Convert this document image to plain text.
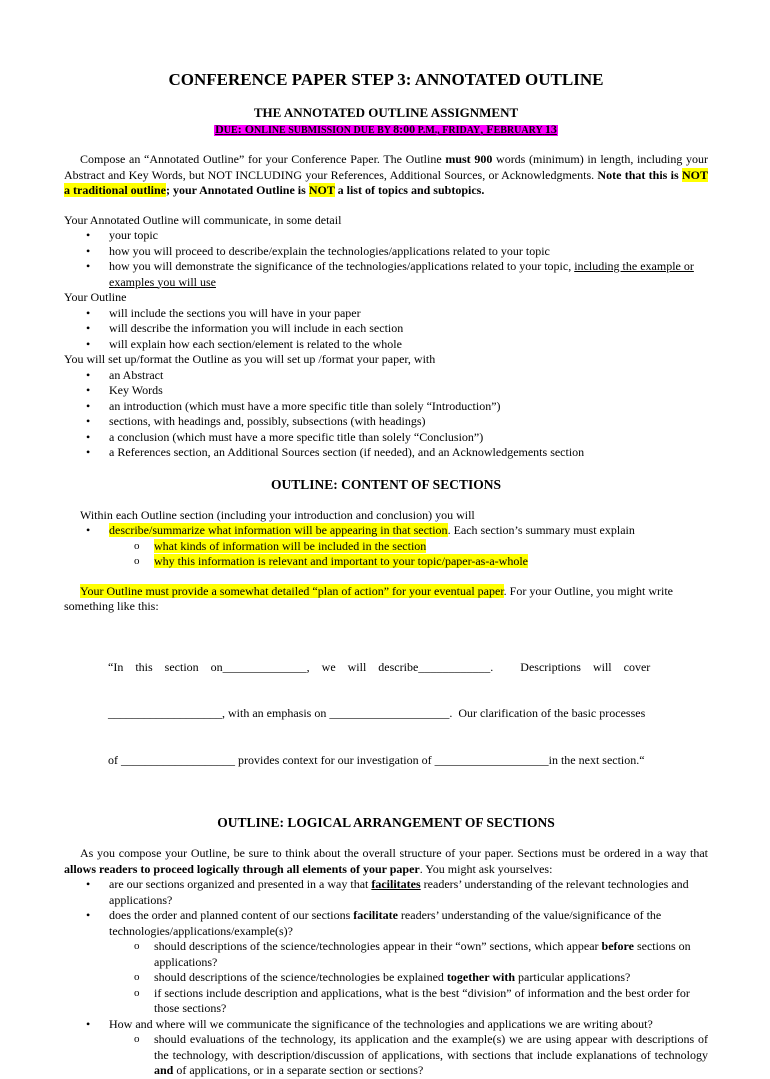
CONFERENCE PAPER STEP 3: ANNOTATED OUTLINE
THE ANNOTATED OUTLINE ASSIGNMENT
DUE: ONLINE SUBMISSION DUE BY 8:00 P.M., FRIDAY, FEBRUARY 13

Compose an “Annotated Outline” for your Conference Paper. The Outline must 900 words (minimum) in length, including your Abstract and Key Words, but NOT INCLUDING your References, Additional Sources, or Acknowledgments. Note that this is NOT a traditional outline; your Annotated Outline is NOT a list of topics and subtopics.

Your Annotated Outline will communicate, in some detail

• your topic
• how you will proceed to describe/explain the technologies/applications related to your topic
• how you will demonstrate the significance of the technologies/applications related to your topic, including the example or examples you will use

Your Outline

• will include the sections you will have in your paper
• will describe the information you will include in each section
• will explain how each section/element is related to the whole

You will set up/format the Outline as you will set up /format your paper, with

• an Abstract
• Key Words
• an introduction (which must have a more specific title than solely “Introduction”)
• sections, with headings and, possibly, subsections (with headings)
• a conclusion (which must have a more specific title than solely “Conclusion”)
• a References section, an Additional Sources section (if needed), and an Acknowledgements section
OUTLINE: CONTENT OF SECTIONS

Within each Outline section (including your introduction and conclusion) you will

• describe/summarize what information will be appearing in that section. Each section’s summary must explain
o what kinds of information will be included in the section
o why this information is relevant and important to your topic/paper-as-a-whole

Your Outline must provide a somewhat detailed “plan of action” for your eventual paper. For your Outline, you might write something like this:

“In    this    section    on______________,    we    will    describe____________.         Descriptions    will    cover

___________________, with an emphasis on ____________________.  Our clarification of the basic processes

of ___________________ provides context for our investigation of ___________________in the next section.“

OUTLINE: LOGICAL ARRANGEMENT OF SECTIONS

As you compose your Outline, be sure to think about the overall structure of your paper. Sections must be ordered in a way that allows readers to proceed logically through all elements of your paper. You might ask yourselves:

• are our sections organized and presented in a way that facilitates readers’ understanding of the relevant technologies and applications?
• does the order and planned content of our sections facilitate readers’ understanding of the value/significance of the technologies/applications/example(s)?
o should descriptions of the science/technologies appear in their “own” sections, which appear before sections on applications?
o should descriptions of the science/technologies be explained together with particular applications?
o if sections include description and applications, what is the best “division” of information and the best order for those sections?
• How and where will we communicate the significance of the technologies and applications we are writing about?
o should evaluations of the technology, its application and the example(s) we are using appear with descriptions of the technology, with description/discussion of applications, with sections that include explanations of technology and of applications, or in a separate section or sections?
